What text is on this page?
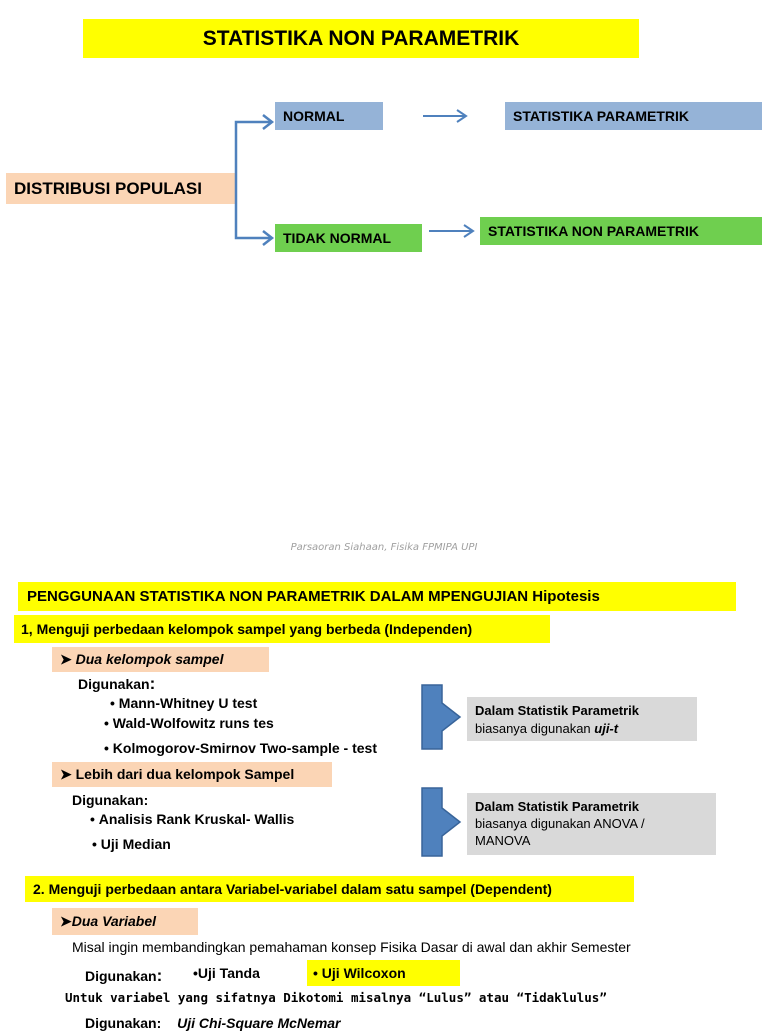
STATISTIKA NON PARAMETRIK
DISTRIBUSI POPULASI
NORMAL	STATISTIKA PARAMETRIK
TIDAK NORMAL	STATISTIKA NON PARAMETRIK
Parsaoran Siahaan, Fisika FPMIPA UPI
PENGGUNAAN STATISTIKA NON PARAMETRIK DALAM MPENGUJIAN Hipotesis
1, Menguji perbedaan kelompok sampel yang berbeda (Independen)
➤ Dua kelompok sampel
Digunakan:
• Mann-Whitney U test
• Wald-Wolfowitz runs tes
• Kolmogorov-Smirnov Two-sample - test
➤ Lebih dari dua kelompok Sampel
Digunakan:
• Analisis Rank Kruskal- Wallis
• Uji Median
Dalam Statistik Parametrik
biasanya digunakan uji-t
Dalam Statistik Parametrik
biasanya digunakan ANOVA /
MANOVA
2. Menguji perbedaan antara Variabel-variabel dalam satu sampel (Dependent)
➤Dua Variabel
Misal ingin membandingkan pemahaman konsep Fisika Dasar di awal dan akhir Semester
Digunakan: •Uji Tanda	• Uji Wilcoxon
Untuk variabel yang sifatnya Dikotomi misalnya “Lulus” atau “Tidaklulus”
Digunakan: Uji Chi-Square McNemar
